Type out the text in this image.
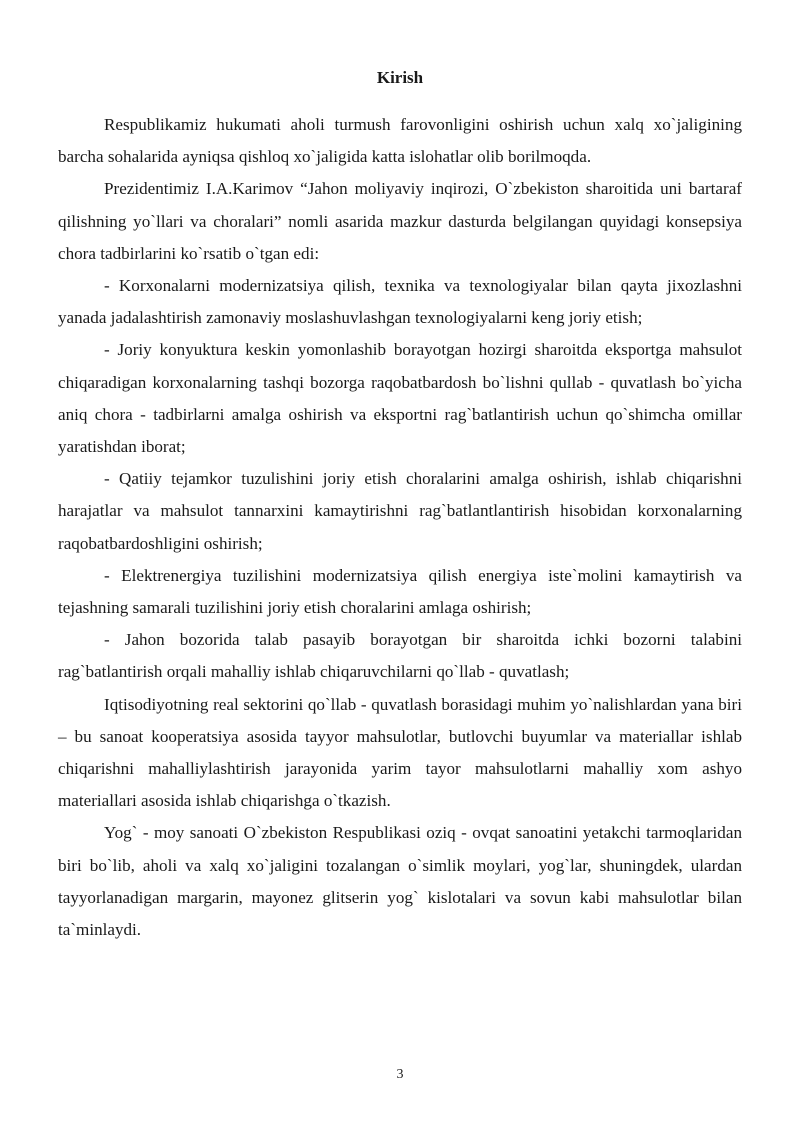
Kirish

Respublikamiz hukumati aholi turmush farovonligini oshirish uchun xalq xo`jaligining barcha sohalarida ayniqsa qishloq xo`jaligida katta islohatlar olib borilmoqda.

Prezidentimiz I.A.Karimov “Jahon moliyaviy inqirozi, O`zbekiston sharoitida uni bartaraf qilishning yo`llari va choralari” nomli asarida mazkur dasturda belgilangan quyidagi konsepsiya chora tadbirlarini ko`rsatib o`tgan edi:

- Korxonalarni modernizatsiya qilish, texnika va texnologiyalar bilan qayta jixozlashni yanada jadalashtirish zamonaviy moslashuvlashgan texnologiyalarni keng joriy etish;

- Joriy konyuktura keskin yomonlashib borayotgan hozirgi sharoitda eksportga mahsulot chiqaradigan korxonalarning tashqi bozorga raqobatbardosh bo`lishni qullab - quvatlash bo`yicha aniq chora - tadbirlarni amalga oshirish va eksportni rag`batlantirish uchun qo`shimcha omillar yaratishdan iborat;

- Qatiiy tejamkor tuzulishini joriy etish choralarini amalga oshirish, ishlab chiqarishni harajatlar va mahsulot tannarxini kamaytirishni rag`batlantlantirish hisobidan korxonalarning raqobatbardoshligini oshirish;

- Elektrenergiya tuzilishini modernizatsiya qilish energiya iste`molini kamaytirish va tejashning samarali tuzilishini joriy etish choralarini amlaga oshirish;

- Jahon bozorida talab pasayib borayotgan bir sharoitda ichki bozorni talabini rag`batlantirish orqali mahalliy ishlab chiqaruvchilarni qo`llab - quvatlash;

Iqtisodiyotning real sektorini qo`llab - quvatlash borasidagi muhim yo`nalishlardan yana biri – bu sanoat kooperatsiya asosida tayyor mahsulotlar, butlovchi buyumlar va materiallar ishlab chiqarishni mahalliylashtirish jarayonida yarim tayor mahsulotlarni mahalliy xom ashyo materiallari asosida ishlab chiqarishga o`tkazish.

Yog` - moy sanoati O`zbekiston Respublikasi oziq - ovqat sanoatini yetakchi tarmoqlaridan biri bo`lib, aholi va xalq xo`jaligini tozalangan o`simlik moylari, yog`lar, shuningdek, ulardan tayyorlanadigan margarin, mayonez glitserin yog` kislotalari va sovun kabi mahsulotlar bilan ta`minlaydi.

3
